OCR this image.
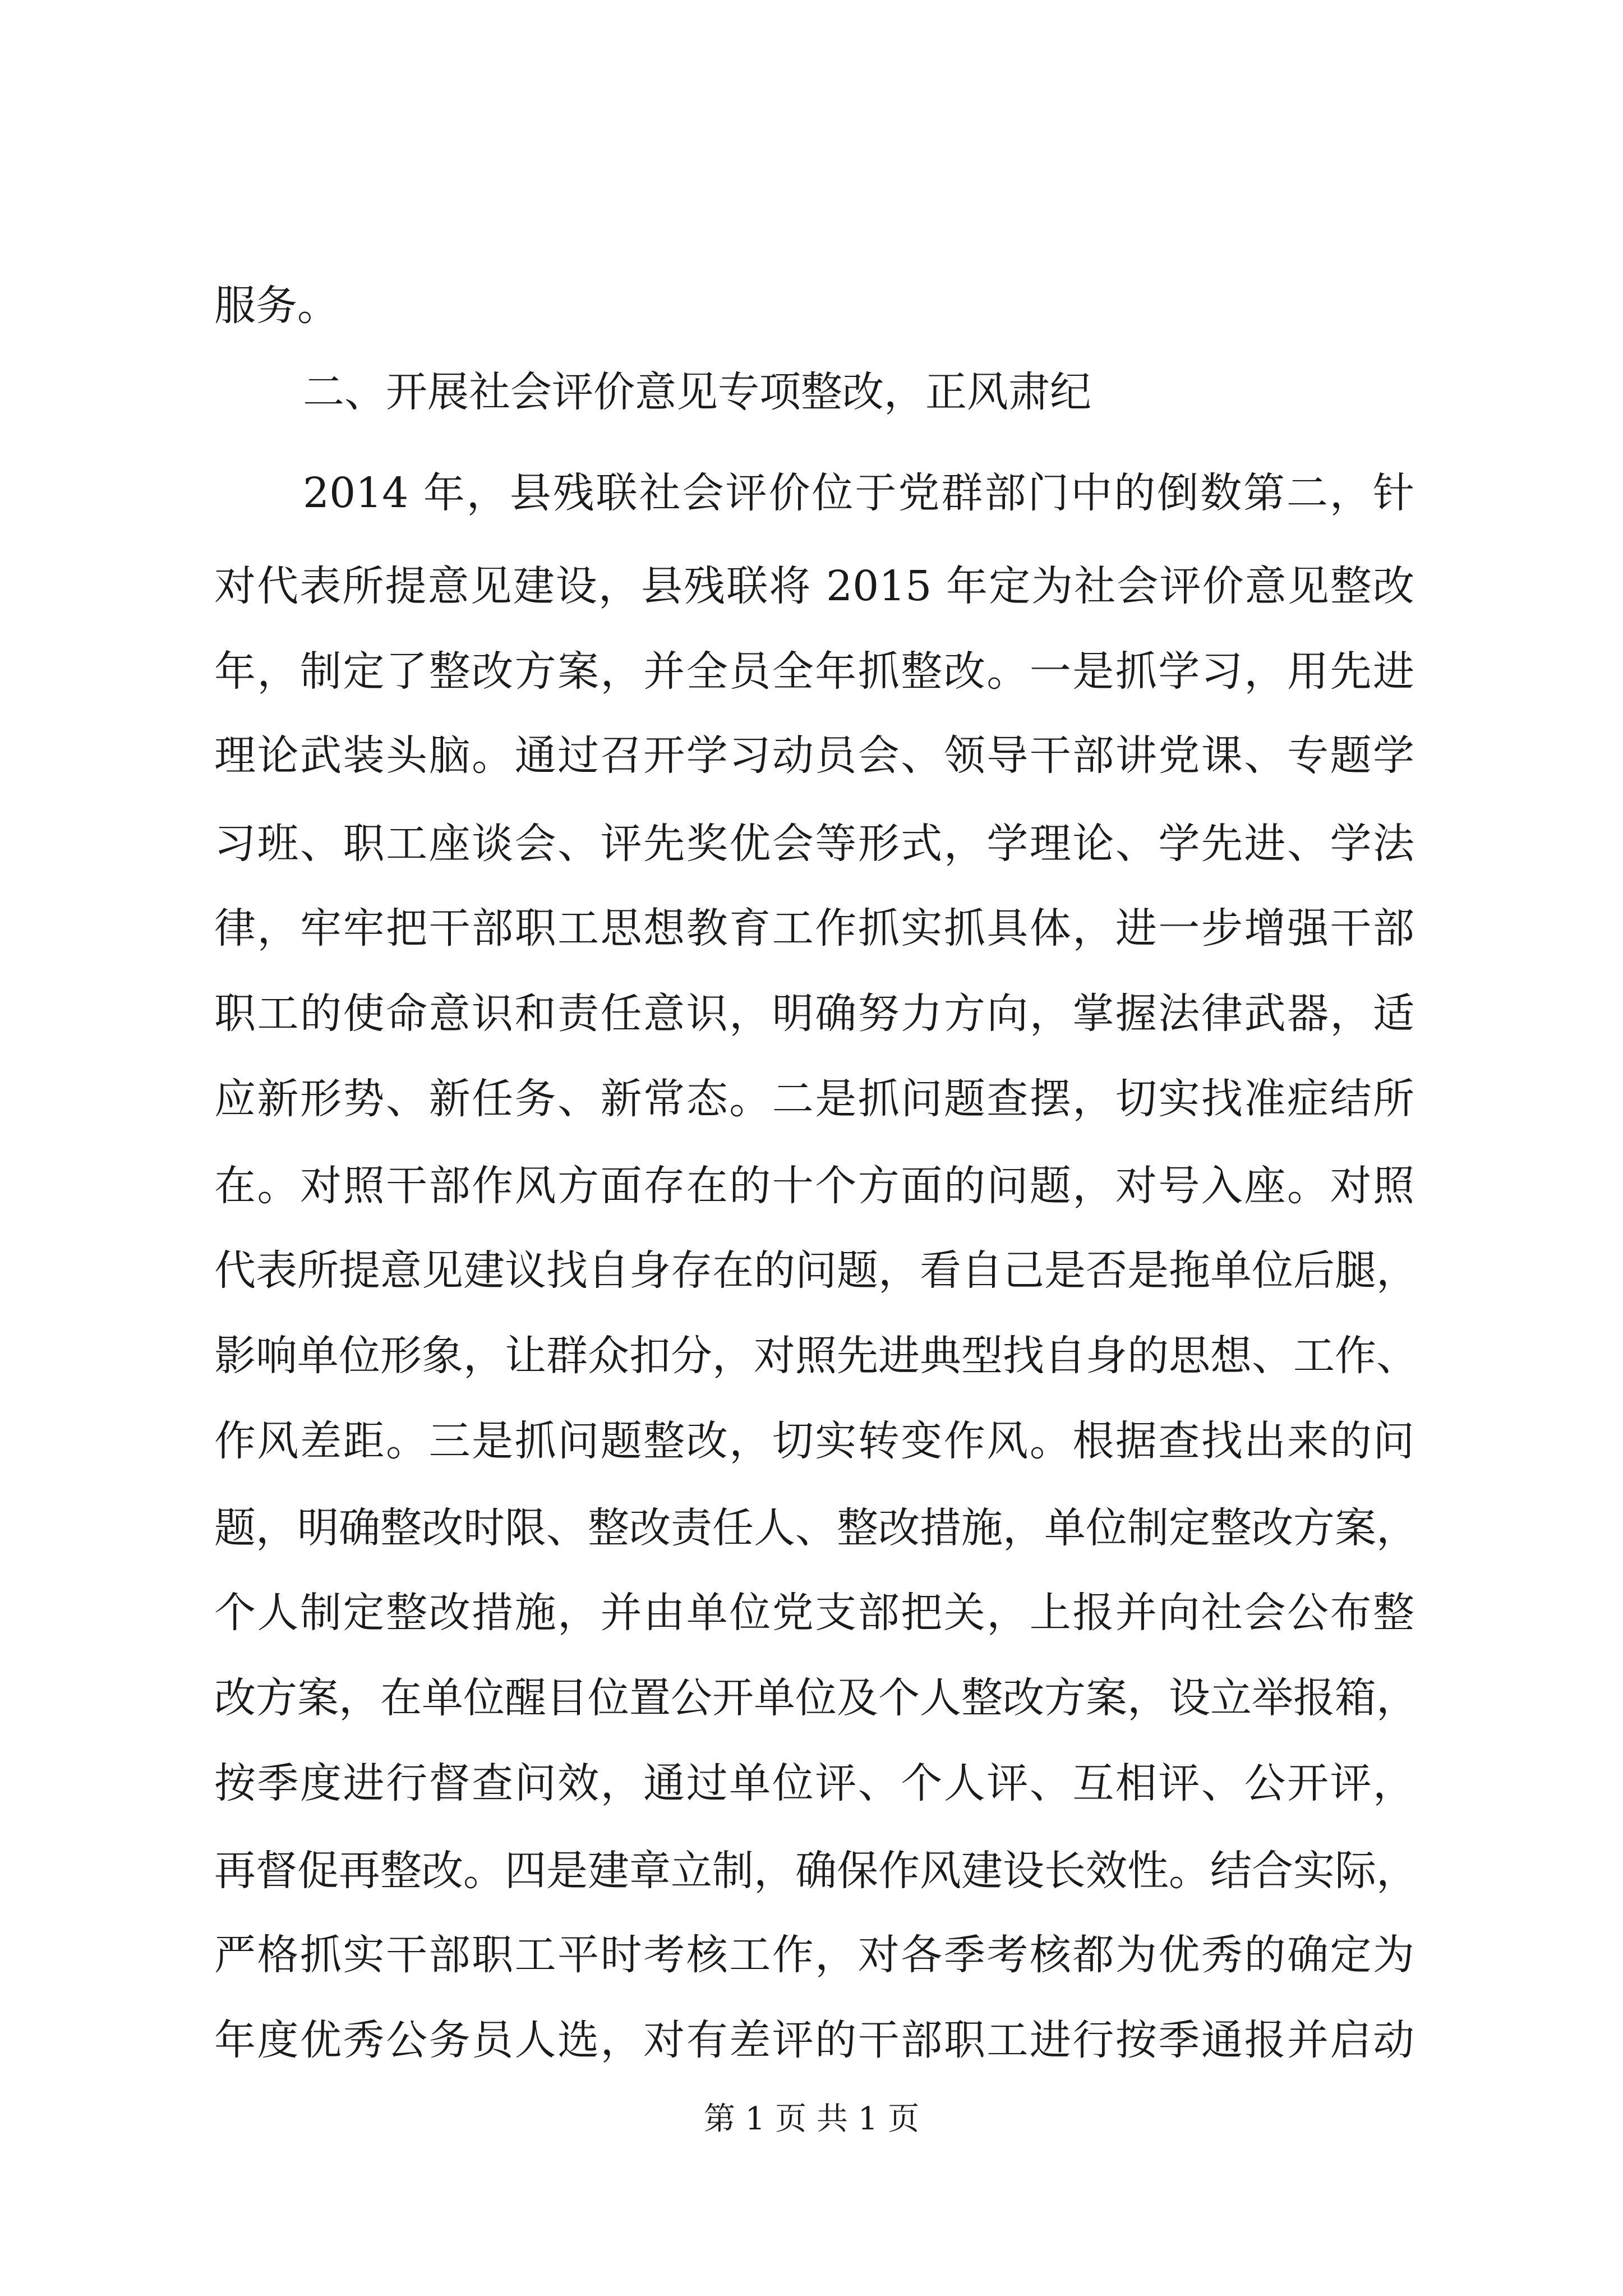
服务。
二、开展社会评价意见专项整改，正风肃纪
2014 年，县残联社会评价位于党群部门中的倒数第二，针
对代表所提意见建设，县残联将 2015 年定为社会评价意见整改
年，制定了整改方案，并全员全年抓整改。一是抓学习，用先进
理论武装头脑。通过召开学习动员会、领导干部讲党课、专题学
习班、职工座谈会、评先奖优会等形式，学理论、学先进、学法
律，牢牢把干部职工思想教育工作抓实抓具体，进一步增强干部
职工的使命意识和责任意识，明确努力方向，掌握法律武器，适
应新形势、新任务、新常态。二是抓问题查摆，切实找准症结所
在。对照干部作风方面存在的十个方面的问题，对号入座。对照
代表所提意见建议找自身存在的问题，看自己是否是拖单位后腿，
影响单位形象，让群众扣分，对照先进典型找自身的思想、工作、
作风差距。三是抓问题整改，切实转变作风。根据查找出来的问
题，明确整改时限、整改责任人、整改措施，单位制定整改方案，
个人制定整改措施，并由单位党支部把关，上报并向社会公布整
改方案，在单位醒目位置公开单位及个人整改方案，设立举报箱，
按季度进行督查问效，通过单位评、个人评、互相评、公开评，
再督促再整改。四是建章立制，确保作风建设长效性。结合实际，
严格抓实干部职工平时考核工作，对各季考核都为优秀的确定为
年度优秀公务员人选，对有差评的干部职工进行按季通报并启动
第 1 页 共 1 页
